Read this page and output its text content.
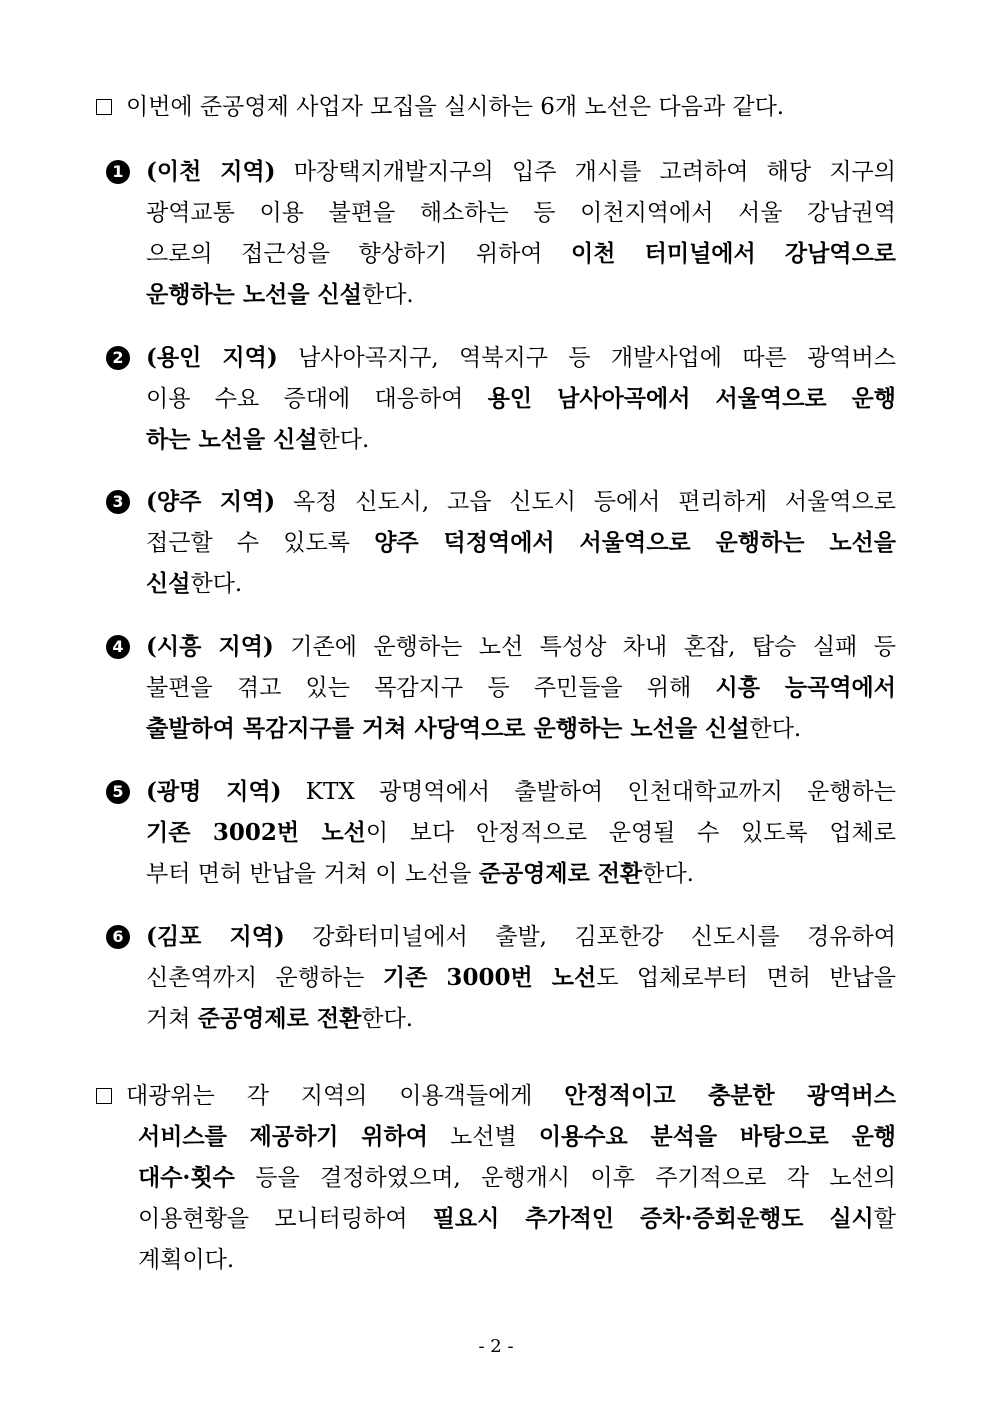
이번에 준공영제 사업자 모집을 실시하는 6개 노선은 다음과 같다.
1 (이천 지역) 마장택지개발지구의 입주 개시를 고려하여 해당 지구의
광역교통 이용 불편을 해소하는 등 이천지역에서 서울 강남권역
으로의 접근성을 향상하기 위하여 이천 터미널에서 강남역으로
운행하는 노선을 신설한다.
2 (용인 지역) 남사아곡지구, 역북지구 등 개발사업에 따른 광역버스
이용 수요 증대에 대응하여 용인 남사아곡에서 서울역으로 운행
하는 노선을 신설한다.
3 (양주 지역) 옥정 신도시, 고읍 신도시 등에서 편리하게 서울역으로
접근할 수 있도록 양주 덕정역에서 서울역으로 운행하는 노선을
신설한다.
4 (시흥 지역) 기존에 운행하는 노선 특성상 차내 혼잡, 탑승 실패 등
불편을 겪고 있는 목감지구 등 주민들을 위해 시흥 능곡역에서
출발하여 목감지구를 거쳐 사당역으로 운행하는 노선을 신설한다.
5 (광명 지역) KTX 광명역에서 출발하여 인천대학교까지 운행하는
기존 3002번 노선이 보다 안정적으로 운영될 수 있도록 업체로
부터 면허 반납을 거쳐 이 노선을 준공영제로 전환한다.
6 (김포 지역) 강화터미널에서 출발, 김포한강 신도시를 경유하여
신촌역까지 운행하는 기존 3000번 노선도 업체로부터 면허 반납을
거쳐 준공영제로 전환한다.
대광위는 각 지역의 이용객들에게 안정적이고 충분한 광역버스
서비스를 제공하기 위하여 노선별 이용수요 분석을 바탕으로 운행
대수·횟수 등을 결정하였으며, 운행개시 이후 주기적으로 각 노선의
이용현황을 모니터링하여 필요시 추가적인 증차·증회운행도 실시할
계획이다.
- 2 -
